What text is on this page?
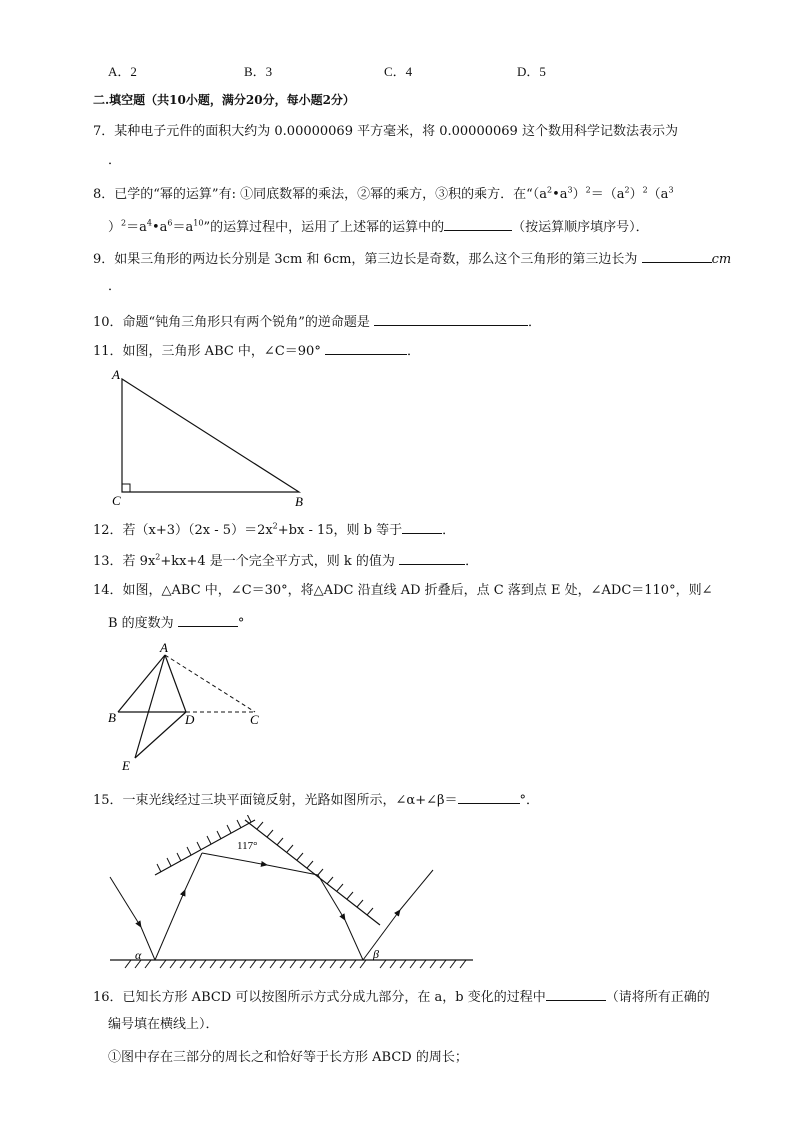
A．2	B．3	C．4	D．5
二.填空题（共10小题，满分20分，每小题2分）
7．某种电子元件的面积大约为 0.00000069 平方毫米，将 0.00000069 这个数用科学记数法表示为
．
8．已学的“幂的运算”有: ①同底数幂的乘法，②幂的乘方，③积的乘方．在“$(a^2•a^3)^2=(a^2)^2(a^3$
）$^2=a^4•a^6=a^{10}$”的运算过程中，运用了上述幂的运算中的	（按运算顺序填序号）．
9．如果三角形的两边长分别是 3cm 和 6cm，第三边长是奇数，那么这个三角形的第三边长为	cm
．
10．命题“钝角三角形只有两个锐角”的逆命题是	．
11．如图，三角形 ABC 中，∠C＝90°	．
A
C	B
12．若$(x+3)(2x - 5)=2x^2+bx - 15$，则 b 等于	．
13．若 $9x^2+kx+4$ 是一个完全平方式，则 k 的值为	．
14．如图，△ABC 中，∠C＝30°，将△ADC 沿直线 AD 折叠后，点 C 落到点 E 处，∠ADC＝110°，则∠
B 的度数为	°
A
B	D	C
E
15．一束光线经过三块平面镜反射，光路如图所示，∠α+∠β＝	°．
117°
α	β
16．已知长方形 ABCD 可以按图所示方式分成九部分，在 a，b 变化的过程中	（请将所有正确的
编号填在横线上）．
①图中存在三部分的周长之和恰好等于长方形 ABCD 的周长；
